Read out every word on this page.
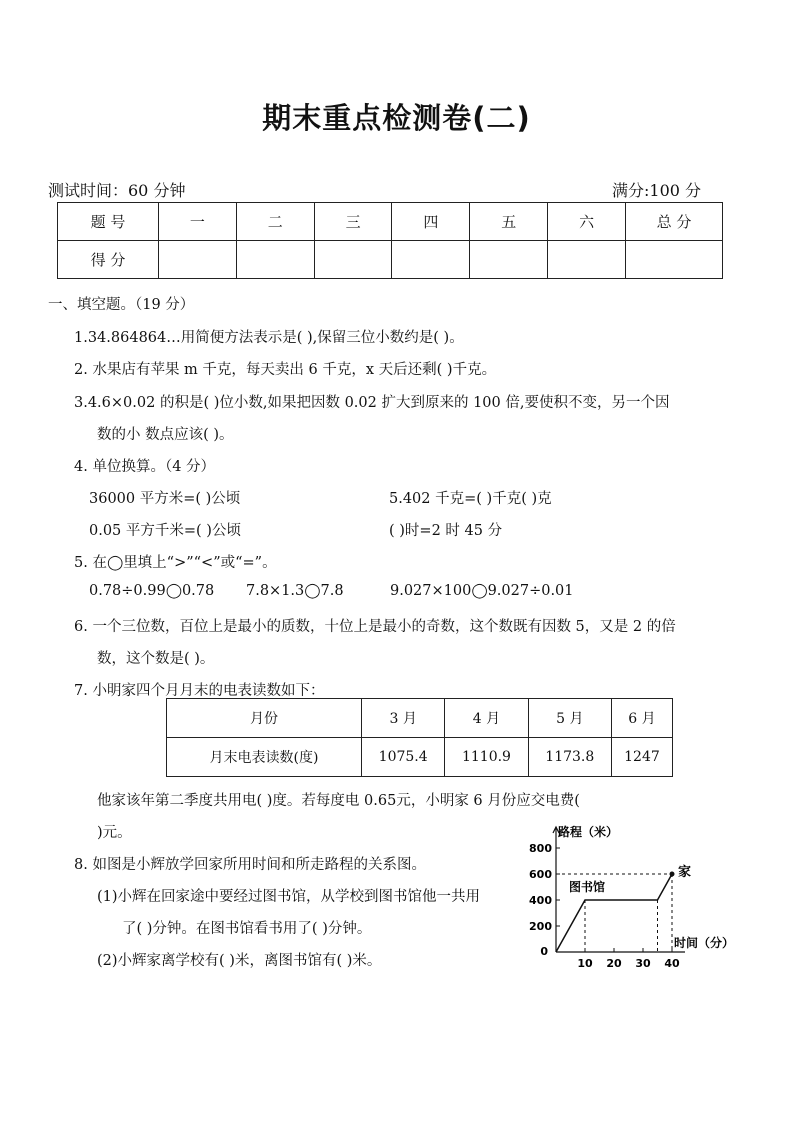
期末重点检测卷(二)
测试时间：60 分钟	满分:100 分
题 号	一	二	三	四	五	六	总 分
得 分							
一、填空题。（19 分）
1.34.864864…用简便方法表示是( ),保留三位小数约是( )。
2. 水果店有苹果 m 千克，每天卖出 6 千克，x 天后还剩( )千克。
3.4.6×0.02 的积是( )位小数,如果把因数 0.02 扩大到原来的 100 倍,要使积不变，另一个因
数的小 数点应该( )。
4. 单位换算。（4 分）
36000 平方米=( )公顷	5.402 千克=( )千克( )克
0.05 平方千米=( )公顷	( )时=2 时 45 分
5. 在◯里填上“>”“<”或“=”。
0.78÷0.99◯0.78 7.8×1.3◯7.8	9.027×100◯9.027÷0.01
6. 一个三位数，百位上是最小的质数，十位上是最小的奇数，这个数既有因数 5，又是 2 的倍
数，这个数是( )。
7. 小明家四个月月末的电表读数如下：
月份	3 月	4 月	5 月	6 月
月末电表读数(度)	1075.4	1110.9	1173.8	1247
他家该年第二季度共用电( )度。若每度电 0.65元，小明家 6 月份应交电费(
)元。
8. 如图是小辉放学回家所用时间和所走路程的关系图。
(1)小辉在回家途中要经过图书馆，从学校到图书馆他一共用
了( )分钟。在图书馆看书用了( )分钟。
(2)小辉家离学校有( )米，离图书馆有( )米。
路程（米）
时间（分）
0
200
400
600
800
10 20 30 40
图书馆
家
